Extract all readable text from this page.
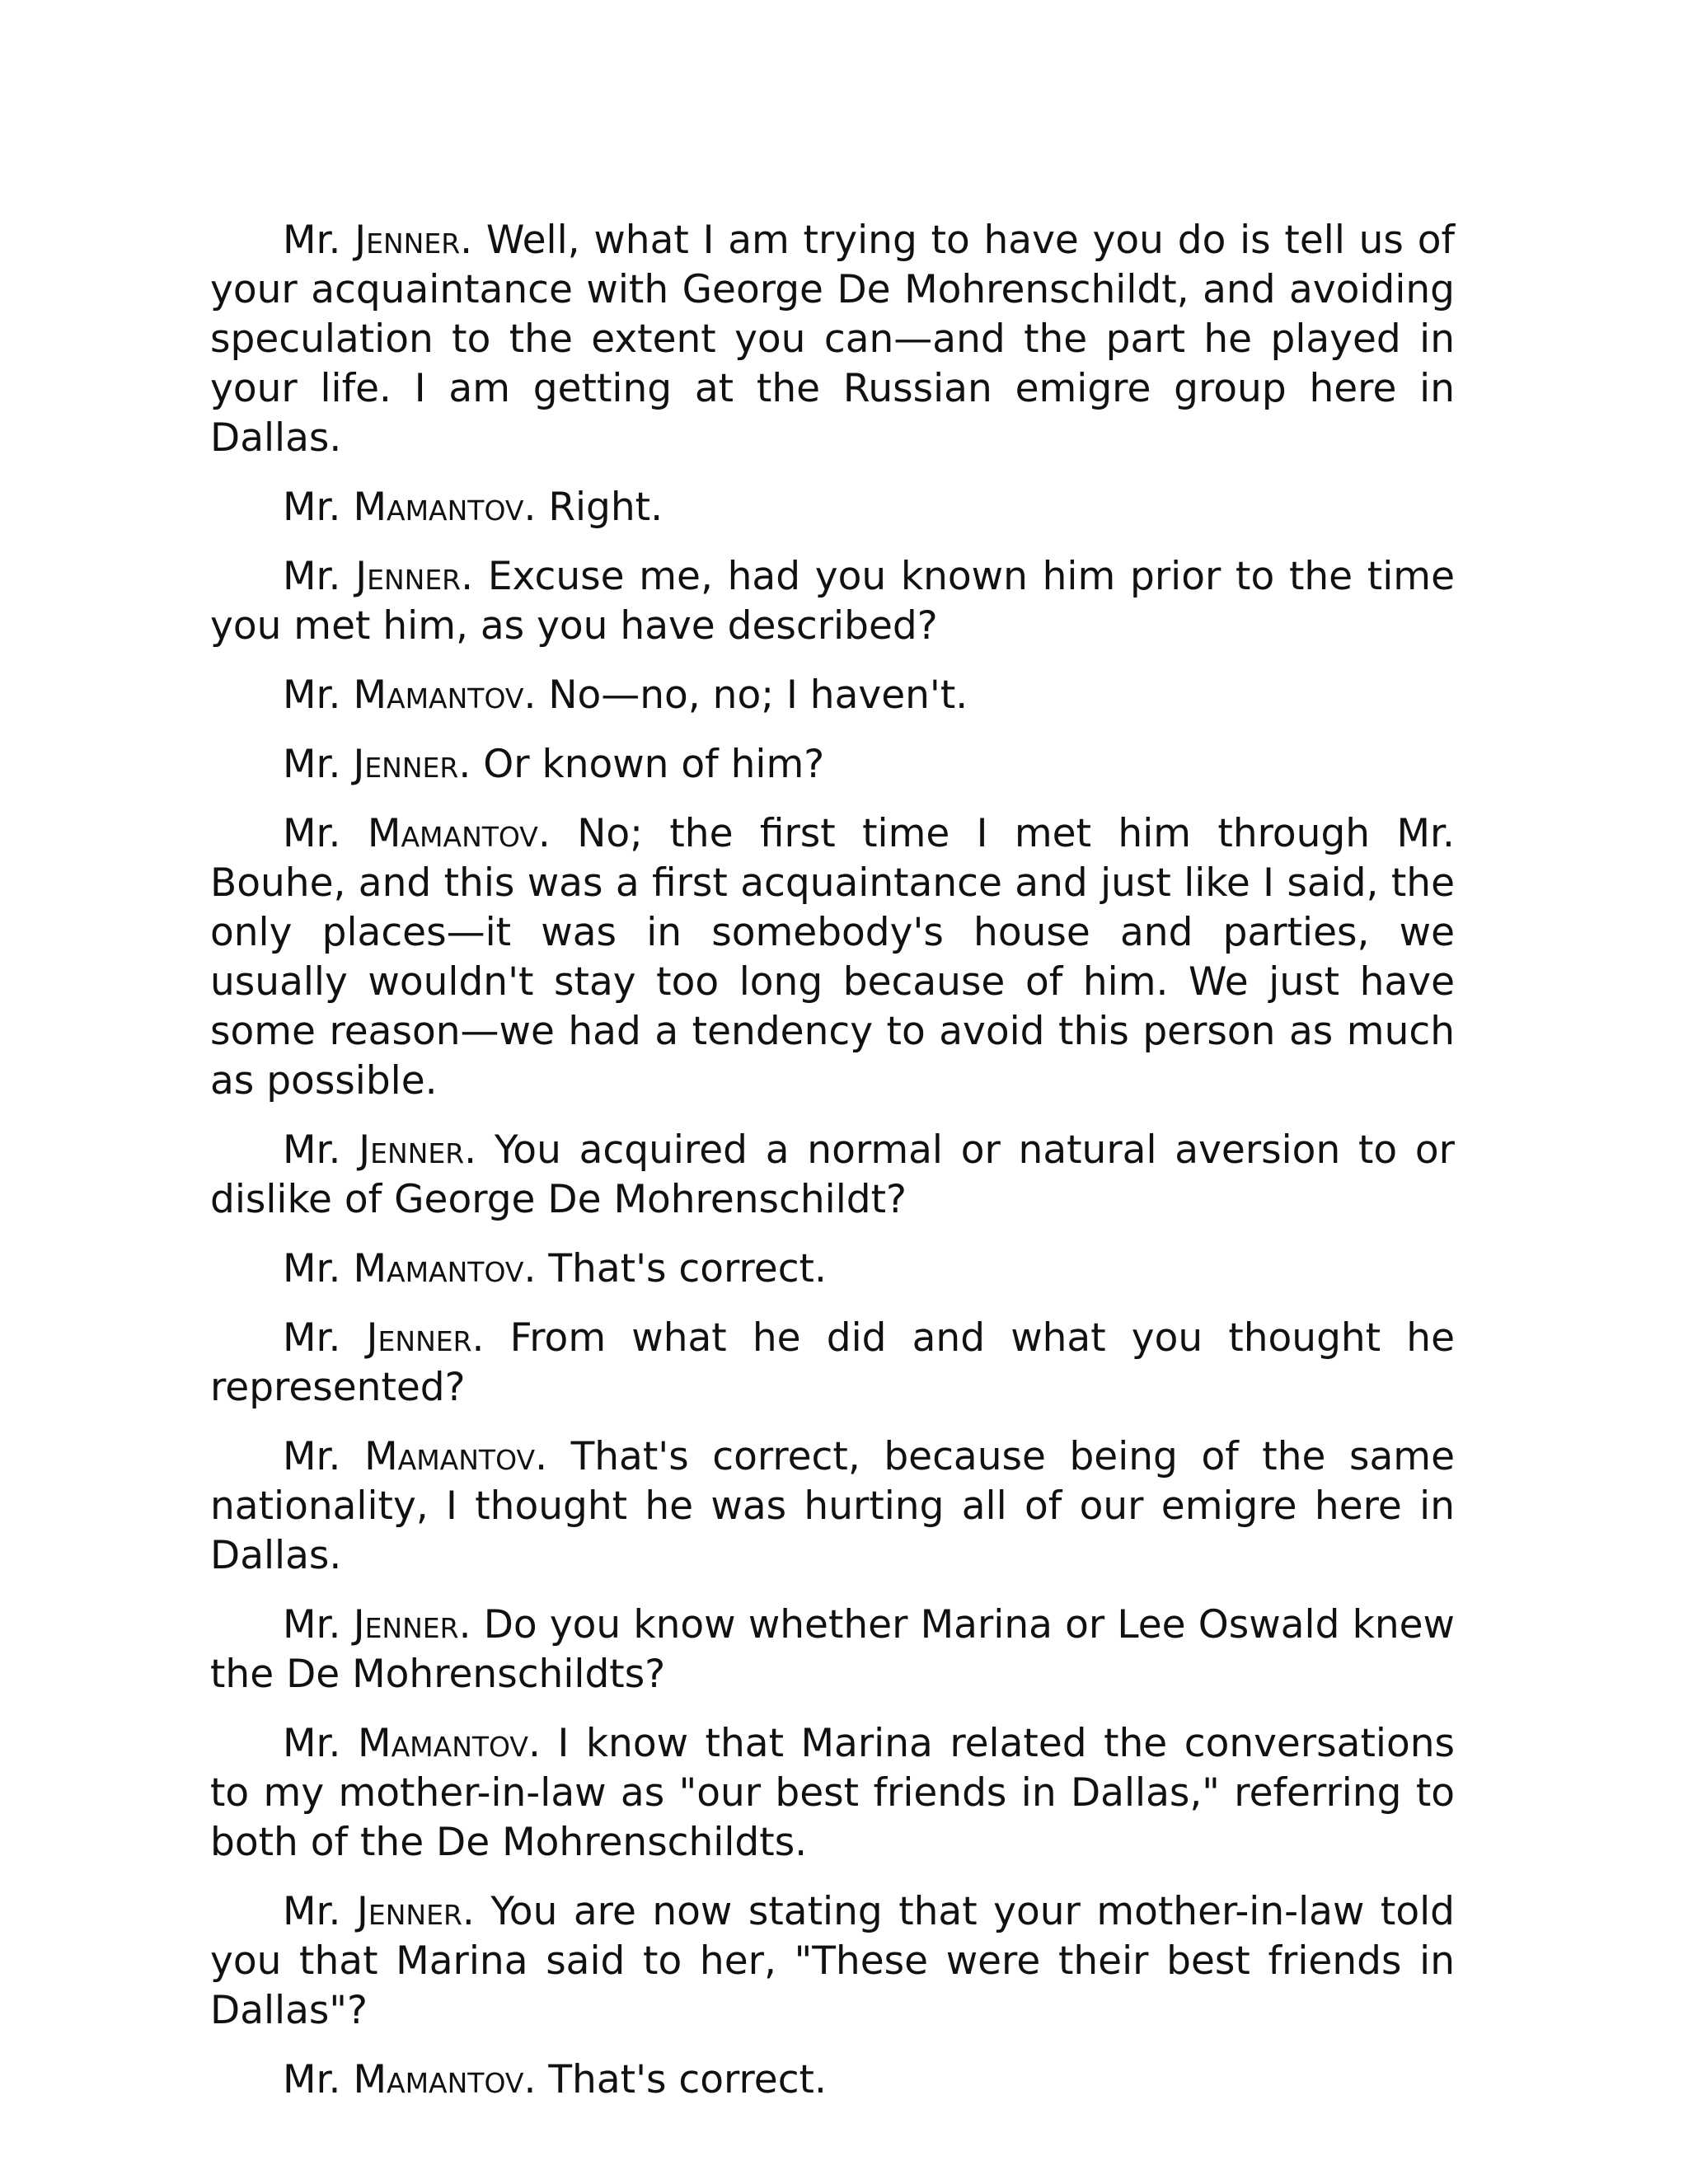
Mr. Jenner. Well, what I am trying to have you do is tell us of your acquaintance with George De Mohrenschildt, and avoiding speculation to the extent you can—and the part he played in your life. I am getting at the Russian emigre group here in Dallas.

Mr. Mamantov. Right.

Mr. Jenner. Excuse me, had you known him prior to the time you met him, as you have described?

Mr. Mamantov. No—no, no; I haven't.

Mr. Jenner. Or known of him?

Mr. Mamantov. No; the first time I met him through Mr. Bouhe, and this was a first acquaintance and just like I said, the only places—it was in somebody's house and parties, we usually wouldn't stay too long because of him. We just have some reason—we had a tendency to avoid this person as much as possible.

Mr. Jenner. You acquired a normal or natural aversion to or dislike of George De Mohrenschildt?

Mr. Mamantov. That's correct.

Mr. Jenner. From what he did and what you thought he represented?

Mr. Mamantov. That's correct, because being of the same nationality, I thought he was hurting all of our emigre here in Dallas.

Mr. Jenner. Do you know whether Marina or Lee Oswald knew the De Mohrenschildts?

Mr. Mamantov. I know that Marina related the conversations to my mother-in-law as "our best friends in Dallas," referring to both of the De Mohrenschildts.

Mr. Jenner. You are now stating that your mother-in-law told you that Marina said to her, "These were their best friends in Dallas"?

Mr. Mamantov. That's correct.
